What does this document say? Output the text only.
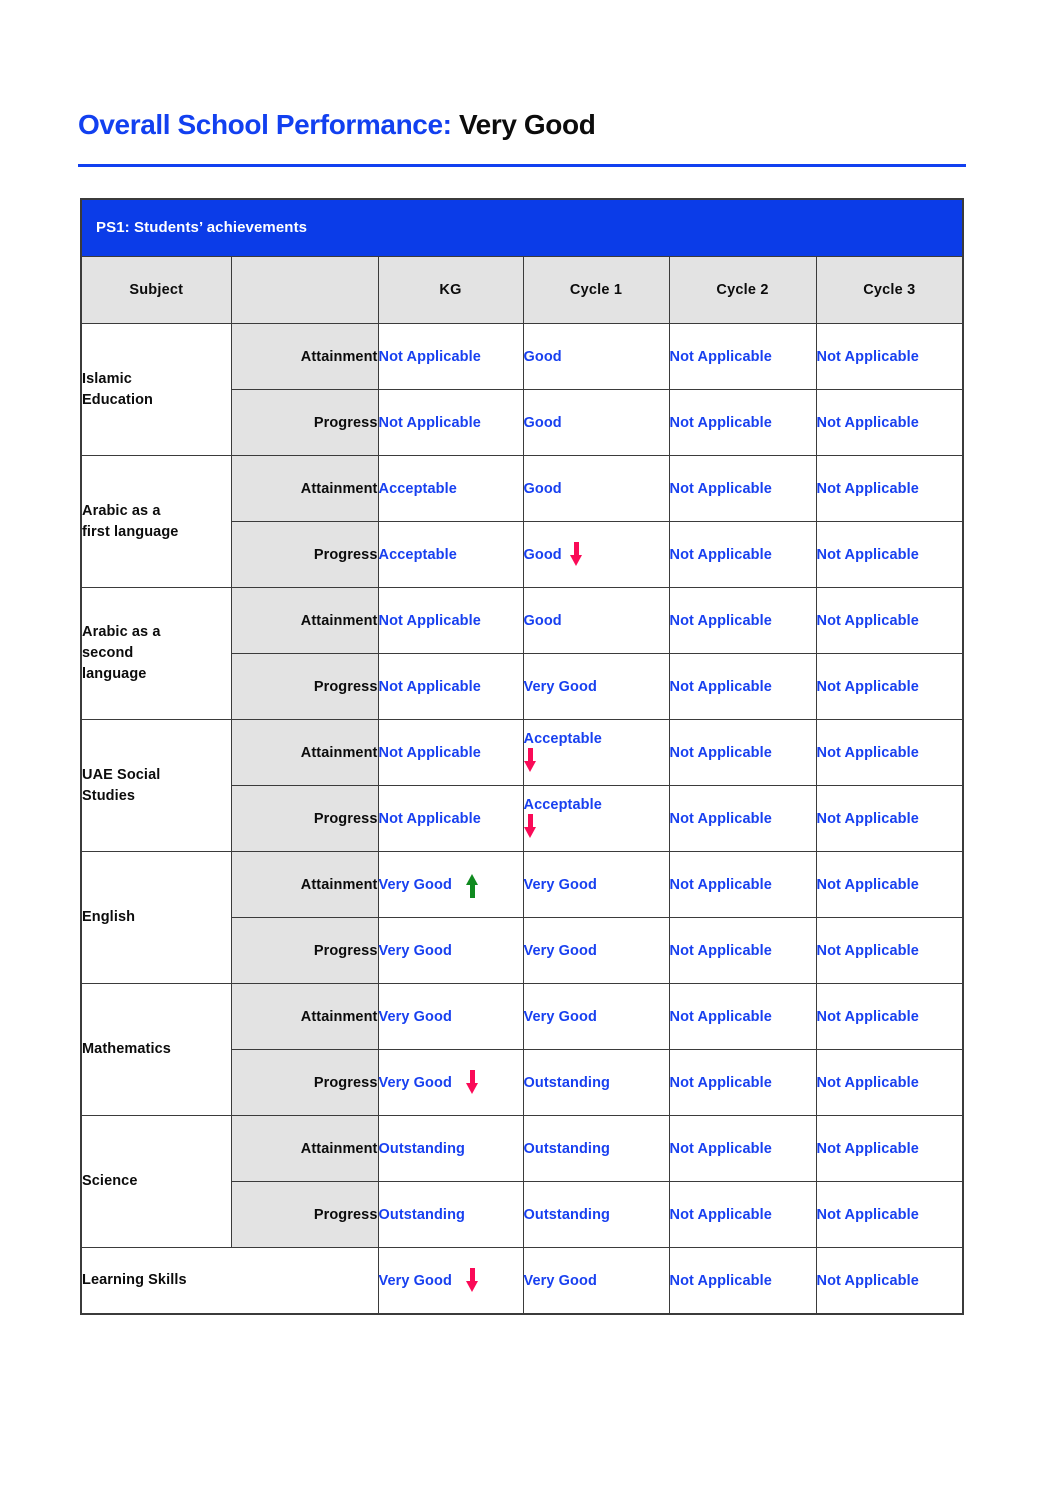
Overall School Performance: Very Good
PS1: Students’ achievements					
Subject		KG	Cycle 1	Cycle 2	Cycle 3

Islamic
Education	Attainment	Not Applicable	Good	Not Applicable	Not Applicable

	Progress	Not Applicable	Good	Not Applicable	Not Applicable

Arabic as a
first language	Attainment	Acceptable	Good	Not Applicable	Not Applicable

	Progress	Acceptable	Good	Not Applicable	Not Applicable

Arabic as a
second
language	Attainment	Not Applicable	Good	Not Applicable	Not Applicable

	Progress	Not Applicable	Very Good	Not Applicable	Not Applicable

UAE Social
Studies	Attainment	Not Applicable	Acceptable	Not Applicable	Not Applicable

	Progress	Not Applicable	Acceptable	Not Applicable	Not Applicable

English	Attainment	Very Good	Very Good	Not Applicable	Not Applicable

	Progress	Very Good	Very Good	Not Applicable	Not Applicable

Mathematics	Attainment	Very Good	Very Good	Not Applicable	Not Applicable

	Progress	Very Good	Outstanding	Not Applicable	Not Applicable

Science	Attainment	Outstanding	Outstanding	Not Applicable	Not Applicable

	Progress	Outstanding	Outstanding	Not Applicable	Not Applicable

Learning Skills		Very Good	Very Good	Not Applicable	Not Applicable
